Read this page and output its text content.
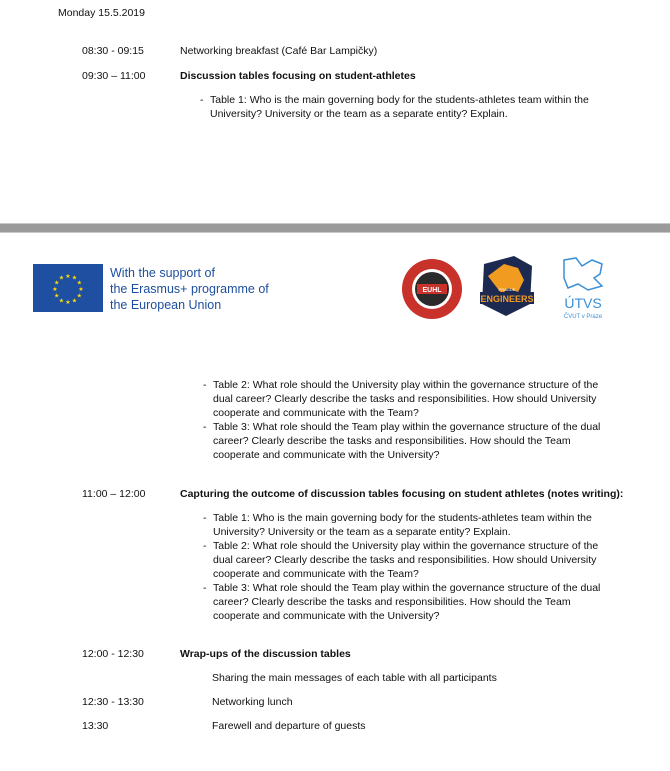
Monday 15.5.2019
08:30 - 09:15	Networking breakfast (Café Bar Lampičky)
09:30 – 11:00	Discussion tables focusing on student-athletes
- Table 1: Who is the main governing body for the students-athletes team within the
University? University or the team as a separate entity? Explain.
★ ★
★
★
★
★
★
★
★
★
★
★	With the support of
the Erasmus+ programme of
the European Union
EUHL	PRAGUE
ENGINEERS ÚTVS
ČVUT v Praze
- Table 2: What role should the University play within the governance structure of the
dual career? Clearly describe the tasks and responsibilities. How should University
cooperate and communicate with the Team?
- Table 3: What role should the Team play within the governance structure of the dual
career? Clearly describe the tasks and responsibilities. How should the Team
cooperate and communicate with the University?
11:00 – 12:00	Capturing the outcome of discussion tables focusing on student athletes (notes writing):
- Table 1: Who is the main governing body for the students-athletes team within the
University? University or the team as a separate entity? Explain.
- Table 2: What role should the University play within the governance structure of the
dual career? Clearly describe the tasks and responsibilities. How should University
cooperate and communicate with the Team?
- Table 3: What role should the Team play within the governance structure of the dual
career? Clearly describe the tasks and responsibilities. How should the Team
cooperate and communicate with the University?
12:00 - 12:30	Wrap-ups of the discussion tables
Sharing the main messages of each table with all participants
12:30 - 13:30	Networking lunch
13:30	Farewell and departure of guests
